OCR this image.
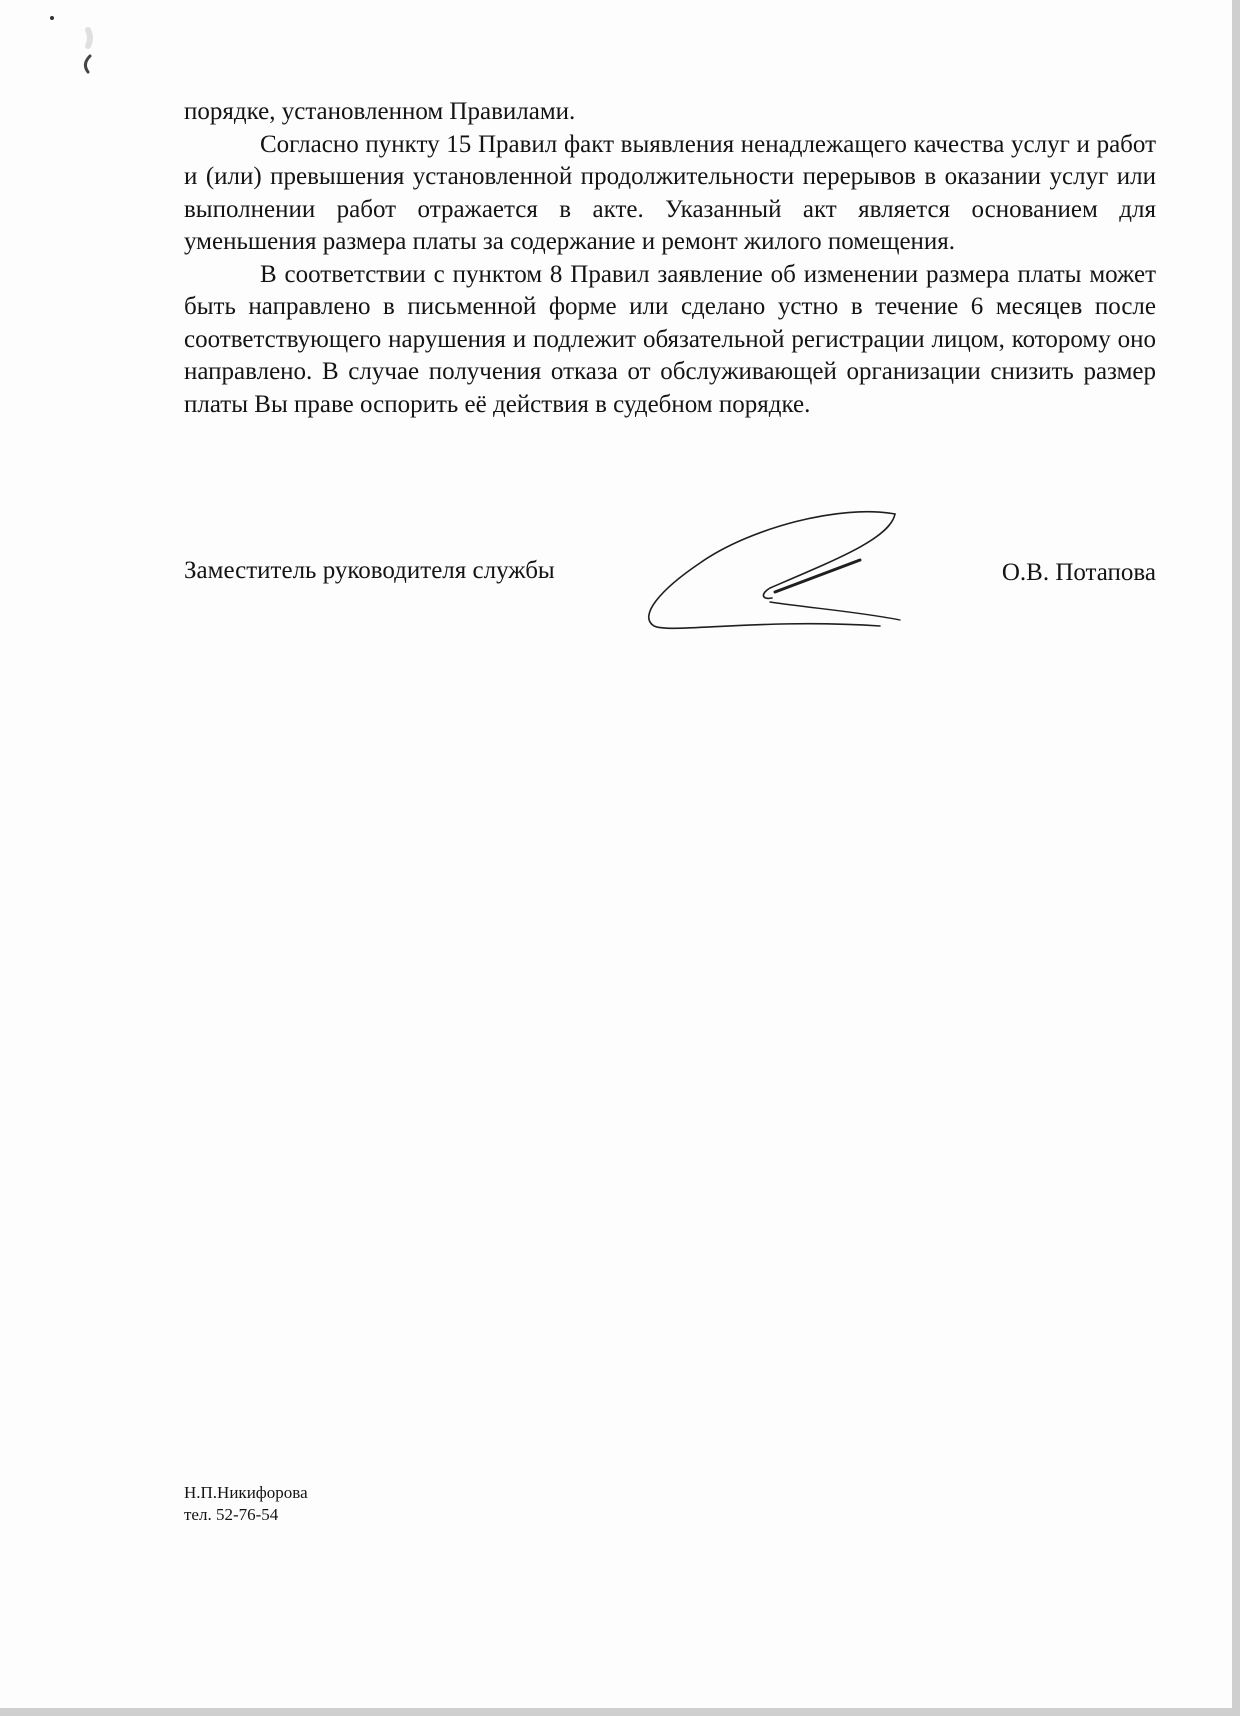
порядке, установленном Правилами.

Согласно пункту 15 Правил факт выявления ненадлежащего качества услуг и работ и (или) превышения установленной продолжительности перерывов в оказании услуг или выполнении работ отражается в акте. Указанный акт является основанием для уменьшения размера платы за содержание и ремонт жилого помещения.

В соответствии с пунктом 8 Правил заявление об изменении размера платы может быть направлено в письменной форме или сделано устно в течение 6 месяцев после соответствующего нарушения и подлежит обязательной регистрации лицом, которому оно направлено. В случае получения отказа от обслуживающей организации снизить размер платы Вы праве оспорить её действия в судебном порядке.

Заместитель руководителя службы	О.В. Потапова
Н.П.Никифорова
тел. 52-76-54
